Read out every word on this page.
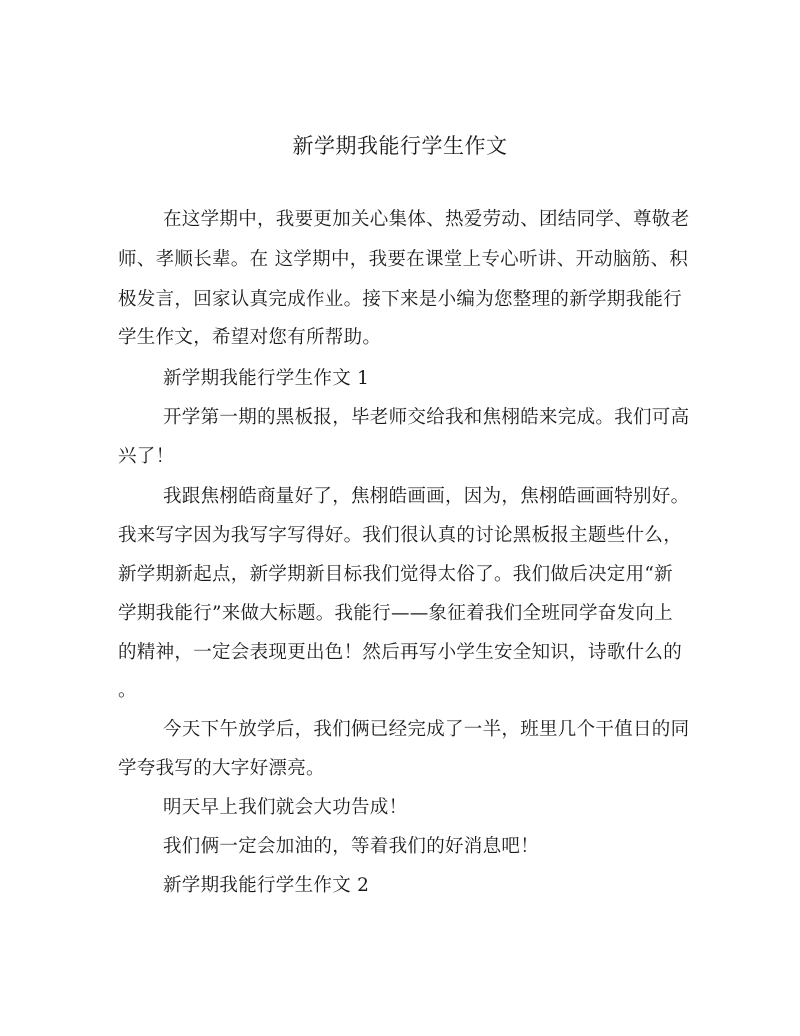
新学期我能行学生作文
在这学期中，我要更加关心集体、热爱劳动、团结同学、尊敬老
师、孝顺长辈。在 这学期中，我要在课堂上专心听讲、开动脑筋、积
极发言，回家认真完成作业。接下来是小编为您整理的新学期我能行
学生作文，希望对您有所帮助。
新学期我能行学生作文 1
开学第一期的黑板报，毕老师交给我和焦栩皓来完成。我们可高
兴了！
我跟焦栩皓商量好了，焦栩皓画画，因为，焦栩皓画画特别好。
我来写字因为我写字写得好。我们很认真的讨论黑板报主题些什么，
新学期新起点，新学期新目标我们觉得太俗了。我们做后决定用“新
学期我能行”来做大标题。我能行——象征着我们全班同学奋发向上
的精神，一定会表现更出色！然后再写小学生安全知识，诗歌什么的
。
今天下午放学后，我们俩已经完成了一半，班里几个干值日的同
学夸我写的大字好漂亮。
明天早上我们就会大功告成！
我们俩一定会加油的，等着我们的好消息吧！
新学期我能行学生作文 2
